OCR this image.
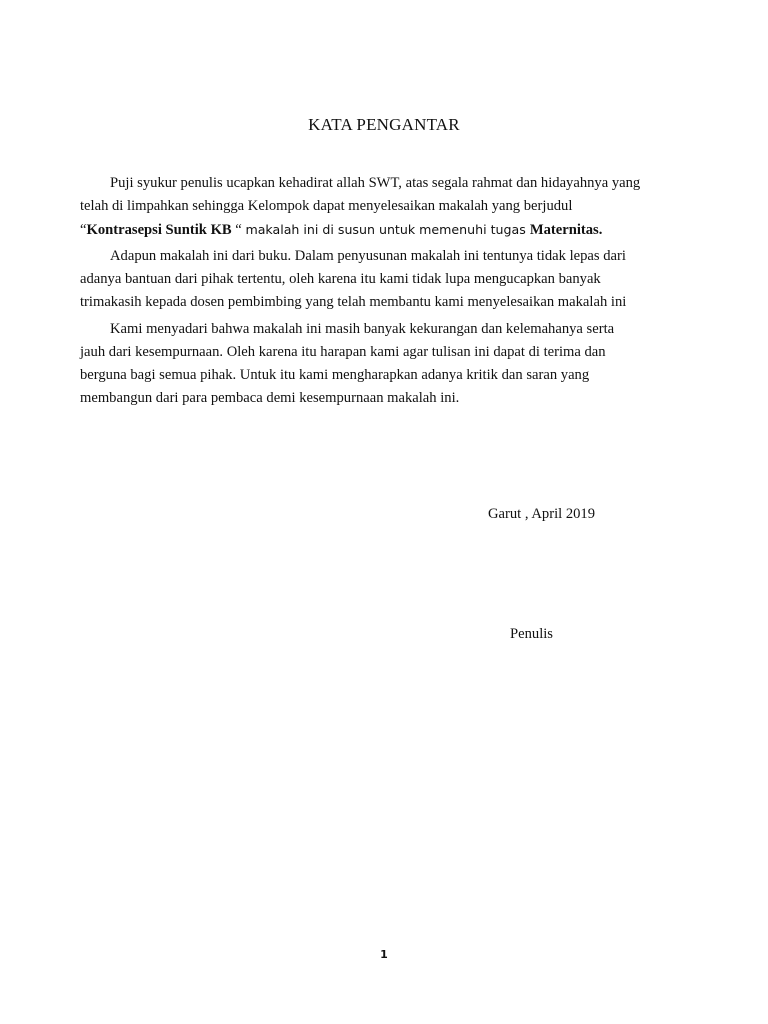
KATA PENGANTAR

Puji syukur penulis ucapkan kehadirat allah SWT, atas segala rahmat dan hidayahnya yang
telah di limpahkan sehingga Kelompok dapat menyelesaikan makalah yang berjudul
“Kontrasepsi Suntik KB “ makalah ini di susun untuk memenuhi tugas Maternitas.

Adapun makalah ini dari buku. Dalam penyusunan makalah ini tentunya tidak lepas dari
adanya bantuan dari pihak tertentu, oleh karena itu kami tidak lupa mengucapkan banyak
trimakasih kepada dosen pembimbing yang telah membantu kami menyelesaikan makalah ini

Kami menyadari bahwa makalah ini masih banyak kekurangan dan kelemahanya serta
jauh dari kesempurnaan. Oleh karena itu harapan kami agar tulisan ini dapat di terima dan
berguna bagi semua pihak. Untuk itu kami mengharapkan adanya kritik dan saran yang
membangun dari para pembaca demi kesempurnaan makalah ini.

Garut , April 2019
Penulis
1
